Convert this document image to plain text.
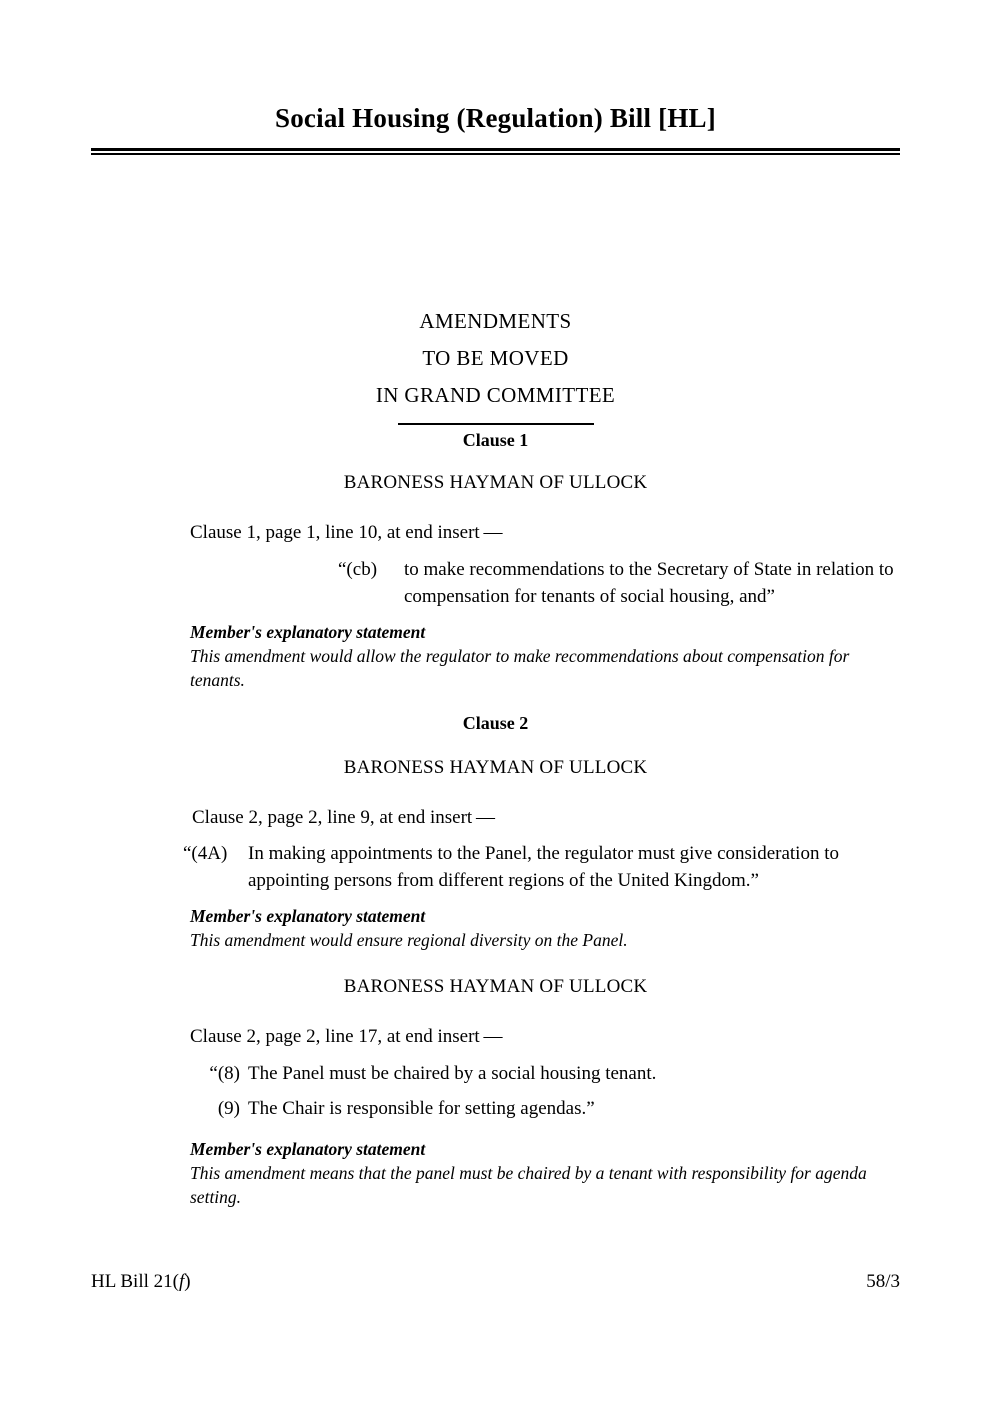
Social Housing (Regulation) Bill [HL]
AMENDMENTS
TO BE MOVED
IN GRAND COMMITTEE
Clause 1
BARONESS HAYMAN OF ULLOCK
Clause 1, page 1, line 10, at end insert —
“(cb)	to make recommendations to the Secretary of State in relation to compensation for tenants of social housing, and”
Member's explanatory statement
This amendment would allow the regulator to make recommendations about compensation for tenants.
Clause 2
BARONESS HAYMAN OF ULLOCK
Clause 2, page 2, line 9, at end insert —
“(4A)	In making appointments to the Panel, the regulator must give consideration to appointing persons from different regions of the United Kingdom.”
Member's explanatory statement
This amendment would ensure regional diversity on the Panel.
BARONESS HAYMAN OF ULLOCK
Clause 2, page 2, line 17, at end insert —
“(8) The Panel must be chaired by a social housing tenant.
(9) The Chair is responsible for setting agendas.”
Member's explanatory statement
This amendment means that the panel must be chaired by a tenant with responsibility for agenda setting.
HL Bill 21(f)	58/3
